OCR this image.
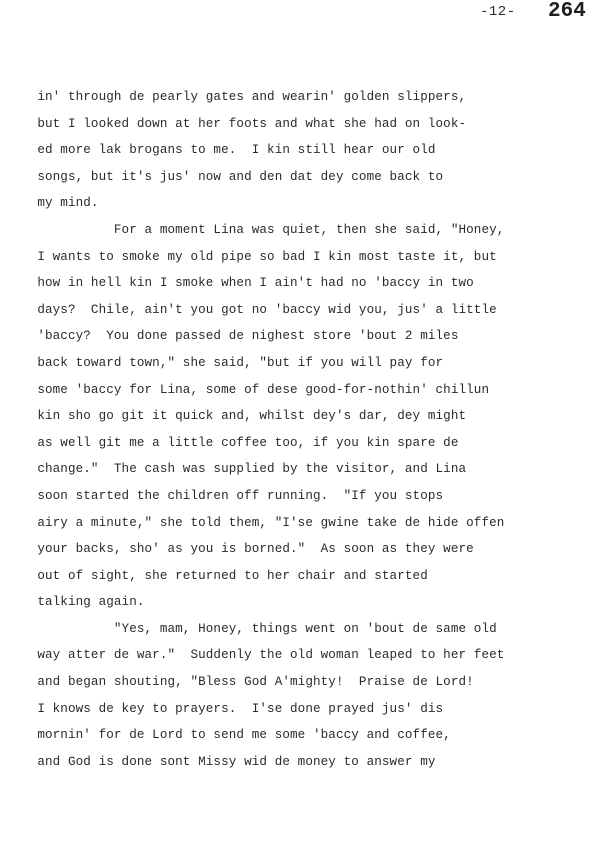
-12- 264
in' through de pearly gates and wearin' golden slippers,
but I looked down at her foots and what she had on look-
ed more lak brogans to me.  I kin still hear our old
songs, but it's jus' now and den dat dey come back to
my mind.
For a moment Lina was quiet, then she said, "Honey,
I wants to smoke my old pipe so bad I kin most taste it, but
how in hell kin I smoke when I ain't had no 'baccy in two
days?  Chile, ain't you got no 'baccy wid you, jus' a little
'baccy?  You done passed de nighest store 'bout 2 miles
back toward town," she said, "but if you will pay for
some 'baccy for Lina, some of dese good-for-nothin' chillun
kin sho go git it quick and, whilst dey's dar, dey might
as well git me a little coffee too, if you kin spare de
change."  The cash was supplied by the visitor, and Lina
soon started the children off running.  "If you stops
airy a minute," she told them, "I'se gwine take de hide offen
your backs, sho' as you is borned."  As soon as they were
out of sight, she returned to her chair and started
talking again.
"Yes, mam, Honey, things went on 'bout de same old
way atter de war."  Suddenly the old woman leaped to her feet
and began shouting, "Bless God A'mighty!  Praise de Lord!
I knows de key to prayers.  I'se done prayed jus' dis
mornin' for de Lord to send me some 'baccy and coffee,
and God is done sont Missy wid de money to answer my
